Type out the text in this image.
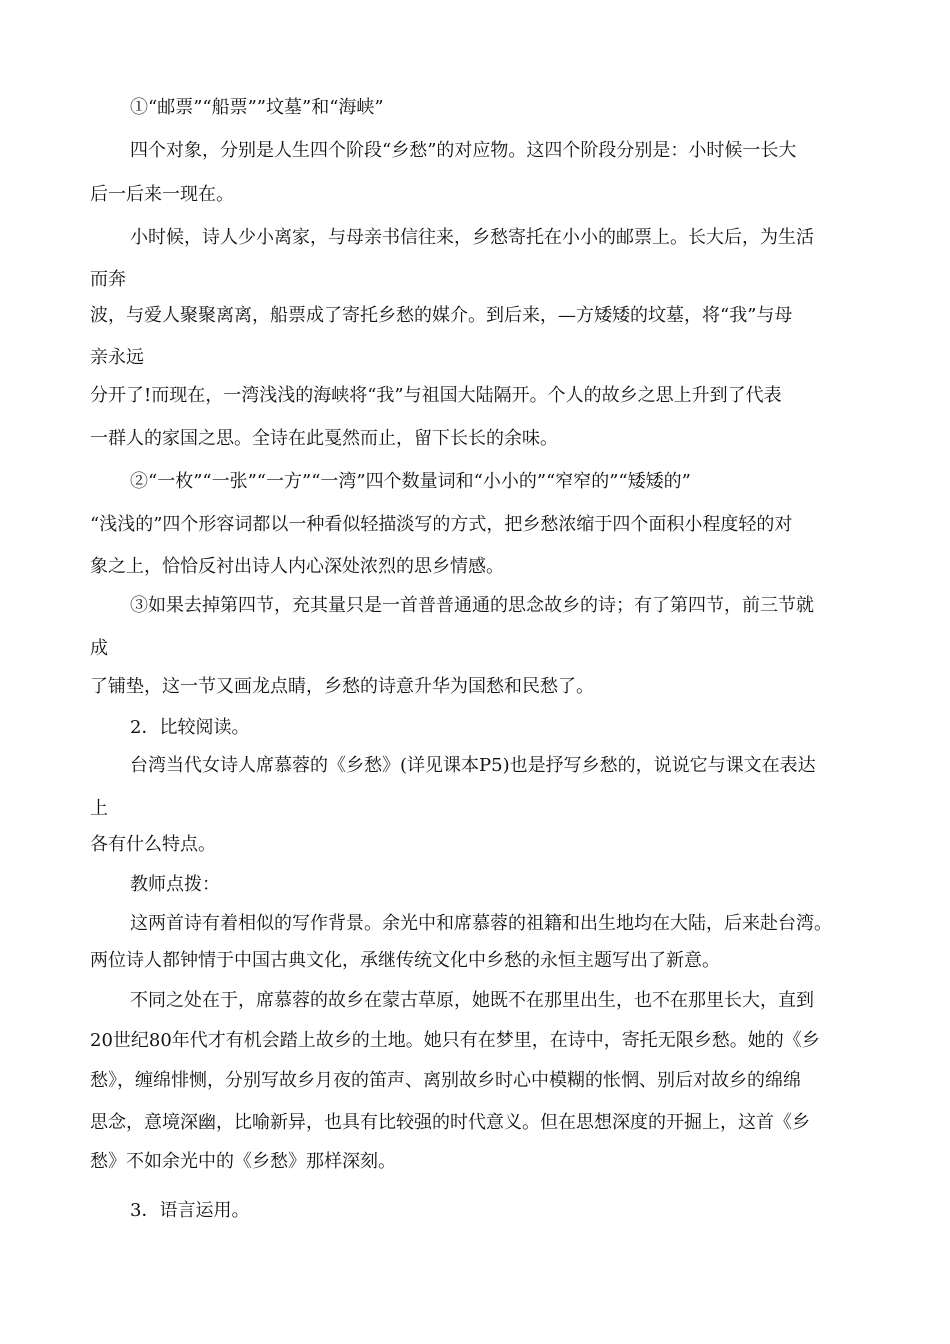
①“邮票”“船票””坟墓”和“海峡”
四个对象，分别是人生四个阶段“乡愁”的对应物。这四个阶段分别是：小时候一长大
后一后来一现在。
小时候，诗人少小离家，与母亲书信往来，乡愁寄托在小小的邮票上。长大后，为生活
而奔
波，与爱人聚聚离离，船票成了寄托乡愁的媒介。到后来，—方矮矮的坟墓，将“我”与母
亲永远
分开了!而现在，一湾浅浅的海峡将“我”与祖国大陆隔开。个人的故乡之思上升到了代表
一群人的家国之思。全诗在此戛然而止，留下长长的余味。
②“一枚”“一张”“一方”“一湾”四个数量词和“小小的”“窄窄的”“矮矮的”
“浅浅的”四个形容词都以一种看似轻描淡写的方式，把乡愁浓缩于四个面积小程度轻的对
象之上，恰恰反衬出诗人内心深处浓烈的思乡情感。
③如果去掉第四节，充其量只是一首普普通通的思念故乡的诗；有了第四节，前三节就
成
了铺垫，这一节又画龙点睛，乡愁的诗意升华为国愁和民愁了。
2．比较阅读。
台湾当代女诗人席慕蓉的《乡愁》(详见课本P5)也是抒写乡愁的，说说它与课文在表达
上
各有什么特点。
教师点拨：
这两首诗有着相似的写作背景。余光中和席慕蓉的祖籍和出生地均在大陆，后来赴台湾。
两位诗人都钟情于中国古典文化，承继传统文化中乡愁的永恒主题写出了新意。
不同之处在于，席慕蓉的故乡在蒙古草原，她既不在那里出生，也不在那里长大，直到
20世纪80年代才有机会踏上故乡的土地。她只有在梦里，在诗中，寄托无限乡愁。她的《乡
愁》，缠绵悱恻，分别写故乡月夜的笛声、离别故乡时心中模糊的怅惘、别后对故乡的绵绵
思念，意境深幽，比喻新异，也具有比较强的时代意义。但在思想深度的开掘上，这首《乡
愁》不如余光中的《乡愁》那样深刻。
3．语言运用。
